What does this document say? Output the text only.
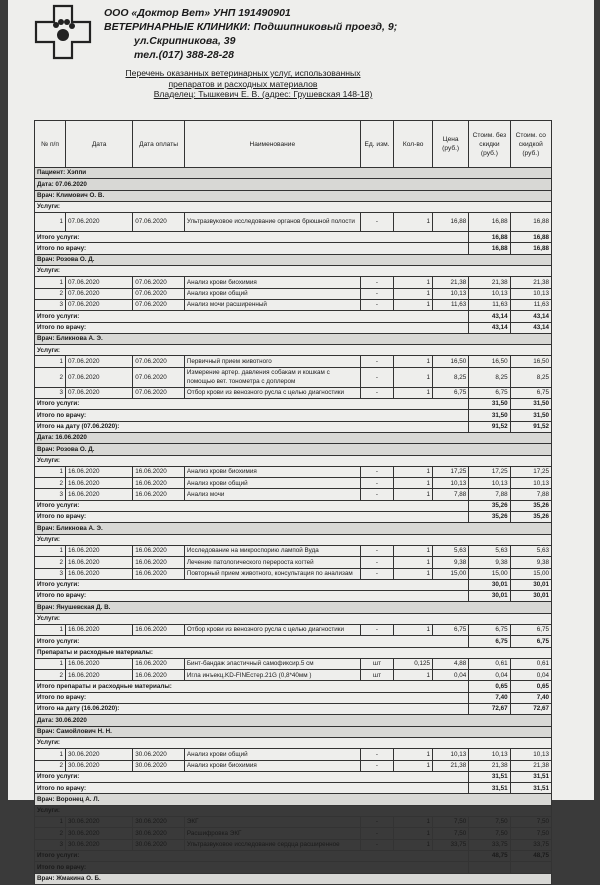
ООО «Доктор Вет» УНП 191490901
ВЕТЕРИНАРНЫЕ КЛИНИКИ: Подшипниковый проезд, 9;
ул.Скрипникова, 39
тел.(017) 388-28-28
Перечень оказанных ветеринарных услуг, использованных
препаратов и расходных материалов
Владелец: Тышкевич Е. В. (адрес: Грушевская 148-18)
№ п/п	Дата	Дата оплаты	Наименование	Ед. изм.	Кол-во	Цена (руб.)	Стоим. без скидки (руб.)	Стоим. со скидкой (руб.)
Пациент: Хэппи								
Дата: 07.06.2020								
Врач: Климович О. В.								
Услуги:								
1	07.06.2020	07.06.2020	Ультразвуковое исследование органов брюшной полости	-	1	16,88	16,88	16,88
Итого услуги:							16,88	16,88
Итого по врачу:							16,88	16,88
Врач: Розова О. Д.								
Услуги:								
1	07.06.2020	07.06.2020	Анализ крови биохимия	-	1	21,38	21,38	21,38
2	07.06.2020	07.06.2020	Анализ крови общий	-	1	10,13	10,13	10,13
3	07.06.2020	07.06.2020	Анализ мочи расширенный	-	1	11,63	11,63	11,63
Итого услуги:							43,14	43,14
Итого по врачу:							43,14	43,14
Врач: Бликнова А. Э.								
Услуги:								
1	07.06.2020	07.06.2020	Первичный прием животного	-	1	16,50	16,50	16,50
2	07.06.2020	07.06.2020	Измерение артер. давления собакам и кошкам с помощью вет. тонометра с доплером	-	1	8,25	8,25	8,25
3	07.06.2020	07.06.2020	Отбор крови из венозного русла с целью диагностики	-	1	6,75	6,75	6,75
Итого услуги:							31,50	31,50
Итого по врачу:							31,50	31,50
Итого на дату (07.06.2020):							91,52	91,52
Дата: 16.06.2020								
Врач: Розова О. Д.								
Услуги:								
1	16.06.2020	16.06.2020	Анализ крови биохимия	-	1	17,25	17,25	17,25
2	16.06.2020	16.06.2020	Анализ крови общий	-	1	10,13	10,13	10,13
3	16.06.2020	16.06.2020	Анализ мочи	-	1	7,88	7,88	7,88
Итого услуги:							35,26	35,26
Итого по врачу:							35,26	35,26
Врач: Бликнова А. Э.								
Услуги:								
1	16.06.2020	16.06.2020	Исследование на микроспорию лампой Вуда	-	1	5,63	5,63	5,63
2	16.06.2020	16.06.2020	Лечение патологического перероста когтей	-	1	9,38	9,38	9,38
3	16.06.2020	16.06.2020	Повторный прием животного, консультация по анализам	-	1	15,00	15,00	15,00
Итого услуги:							30,01	30,01
Итого по врачу:							30,01	30,01
Врач: Янушевская Д. В.								
Услуги:								
1	16.06.2020	16.06.2020	Отбор крови из венозного русла с целью диагностики	-	1	6,75	6,75	6,75
Итого услуги:							6,75	6,75
Препараты и расходные материалы:								
1	16.06.2020	16.06.2020	Бинт-бандаж эластичный самофиксир.5 см	шт	0,125	4,88	0,61	0,61
2	16.06.2020	16.06.2020	Игла инъекц.KD-FINEстер.21G (0,8*40мм )	шт	1	0,04	0,04	0,04
Итого препараты и расходные материалы:							0,65	0,65
Итого по врачу:							7,40	7,40
Итого на дату (16.06.2020):							72,67	72,67
Дата: 30.06.2020								
Врач: Самойлович Н. Н.								
Услуги:								
1	30.06.2020	30.06.2020	Анализ крови общий	-	1	10,13	10,13	10,13
2	30.06.2020	30.06.2020	Анализ крови биохимия	-	1	21,38	21,38	21,38
Итого услуги:							31,51	31,51
Итого по врачу:							31,51	31,51
Врач: Воронец А. Л.								
Услуги:								
1	30.06.2020	30.06.2020	ЭКГ	-	1	7,50	7,50	7,50
2	30.06.2020	30.06.2020	Расшифровка ЭКГ	-	1	7,50	7,50	7,50
3	30.06.2020	30.06.2020	Ультразвуковое исследование сердца расширенное	-	1	33,75	33,75	33,75
Итого услуги:							48,75	48,75
Итого по врачу:								
Врач: Жмакина О. Б.								
